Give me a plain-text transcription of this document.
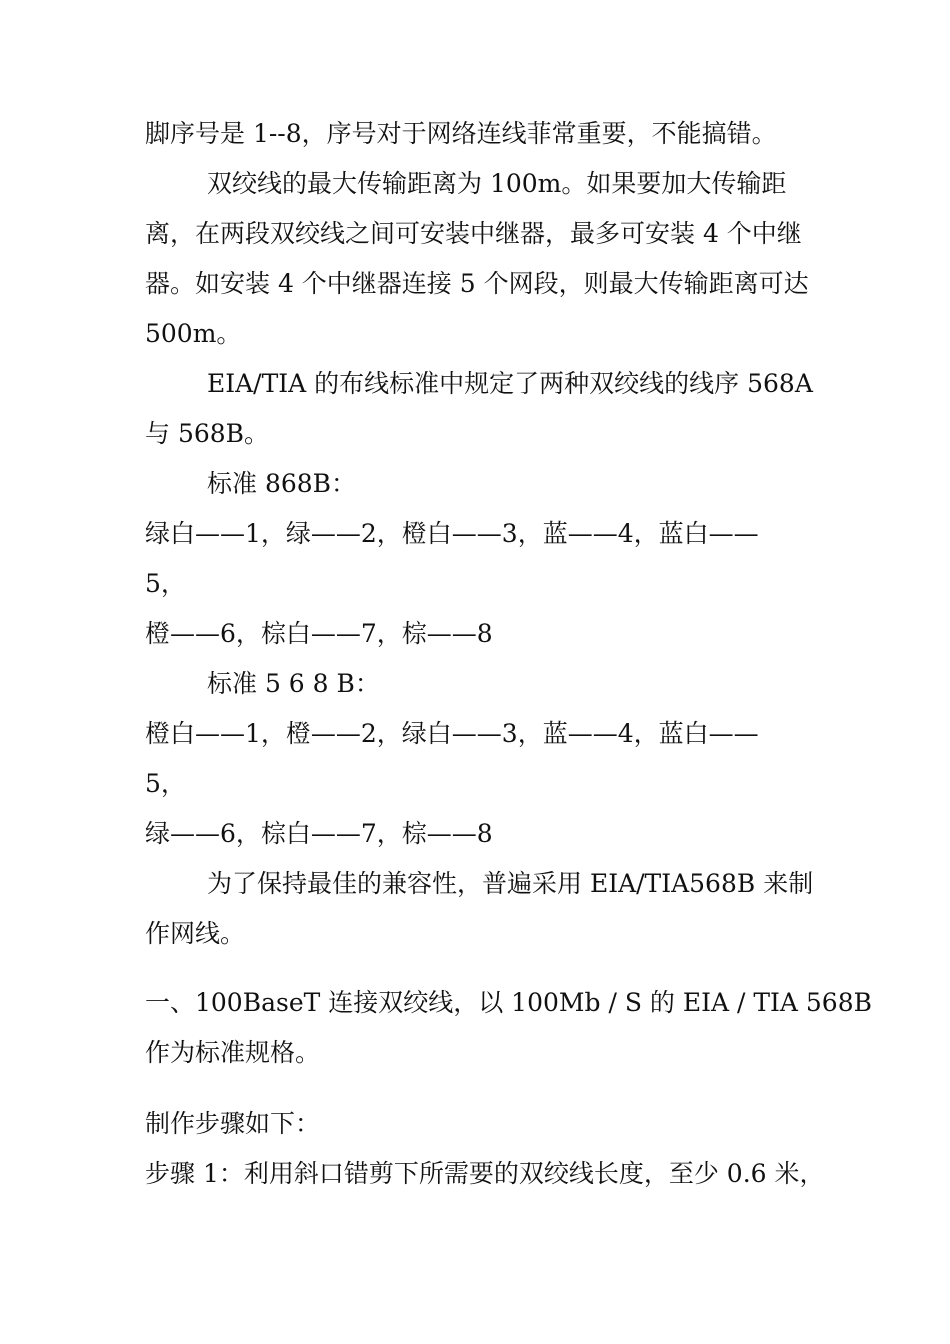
脚序号是 1--8，序号对于网络连线菲常重要，不能搞错。
双绞线的最大传输距离为 100m。如果要加大传输距
离，在两段双绞线之间可安装中继器，最多可安装 4 个中继
器。如安装 4 个中继器连接 5 个网段，则最大传输距离可达
500m。
EIA/TIA 的布线标准中规定了两种双绞线的线序 568A
与 568B。
标准 868B：
绿白——1，绿——2，橙白——3，蓝——4，蓝白——
5，
橙——6，棕白——7，棕——8
标准 5 6 8 B：
橙白——1，橙——2，绿白——3，蓝——4，蓝白——
5，
绿——6，棕白——7，棕——8
为了保持最佳的兼容性，普遍采用 EIA/TIA568B 来制
作网线。
一、100BaseT 连接双绞线，以 100Mb / S 的 EIA / TIA 568B
作为标准规格。
制作步骤如下：
步骤 1：利用斜口错剪下所需要的双绞线长度，至少 0.6 米，
